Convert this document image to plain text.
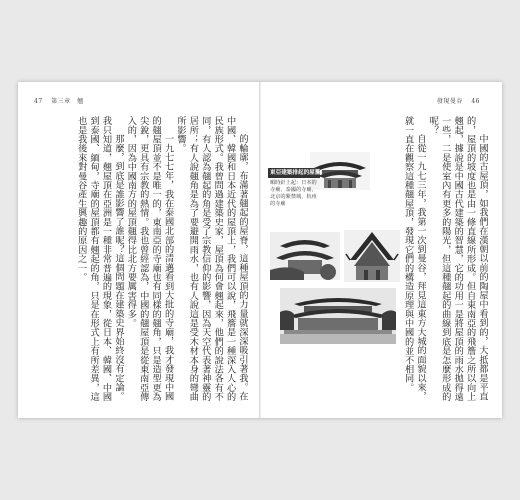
47 第三章　翹	發現曼谷 46

的輪廓，布滿著翹起的屋脊，這種屋頂的力量就深深吸引著我。在中國、韓國和日本近代的屋頂上，我們可以說，飛簷是一種深入人心的民族形式。我曾問過建築史家，屋頂為何會翹起來，他們的說法各有不同，有人認為翹起的角是受了宗教信仰的影響，因為天空代表著神靈的居所；有人說翹角是為了要避開雨水，也有人說這是受木材本身的彎曲所影響。

一九七七年，我在泰國北部的清邁看到大批的寺廟，我才發現中國的翹屋頂並不是唯一的，東南亞的寺廟也有同樣的翹角，只是造型更為尖銳，更具有宗教的熱情。我也曾經認為，中國的翹屋頂是從東南亞傳入的，因為中國南方的屋頂翹得比北方要厲害得多。

那麼，到底是誰影響了誰呢？這個問題在建築史界始終沒有定論。我只知道，翹屋頂在亞洲是一種非常普遍的現象，從日本、韓國、中國到泰國、緬甸，寺廟的屋頂都有翹起的角，只是在形式上有所差異，這也是我後來對曼谷產生興趣的原因之一。	中國的古屋頂，如我們在漢朝以前的陶屋中看到的，大抵都是平直的，屋頂的坡度也是由一條直線所形成。但自東南亞的飛簷之所以向上翹起，據說是中國古代建築的智慧，它的功用一是將屋頂的雨水拋得遠一些，二是使室內有更多的陽光，但這種翹起的曲線到底是怎麼形成的呢？

自從一九七三年，我第一次到曼谷，拜見這東方大城的面貌以來，就一直在觀察這種翹屋頂，發現它們的構造原理與中國的並不相同。

東亞建築排起的屋簷
順時針上起：日本的寺廟、泰國的寺廟、北京的紫禁城、杭州的寺廟
